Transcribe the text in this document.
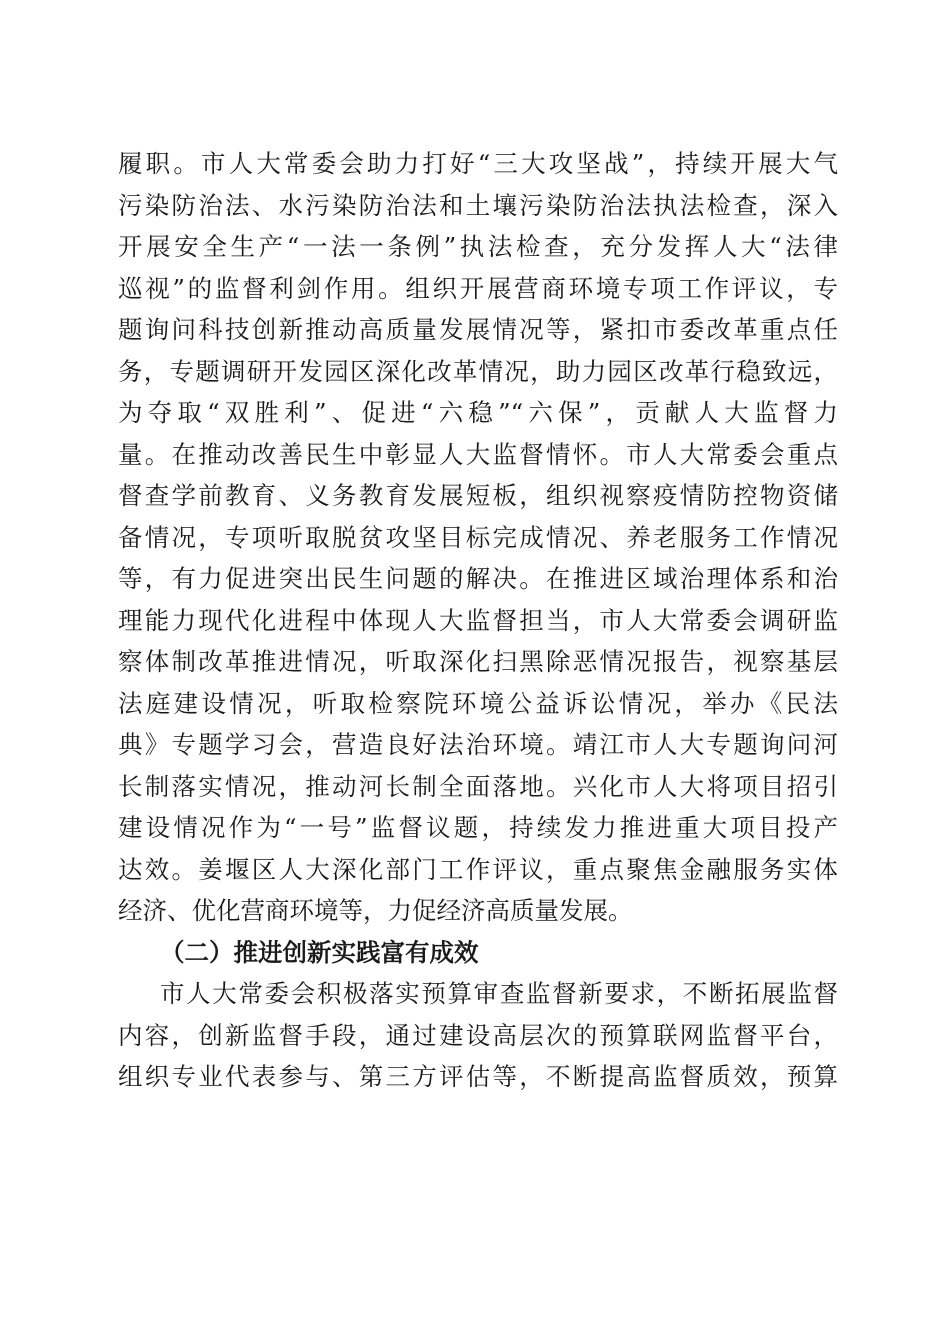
履职。市人大常委会助力打好“三大攻坚战”，持续开展大气
污染防治法、水污染防治法和土壤污染防治法执法检查，深入
开展安全生产“一法一条例”执法检查，充分发挥人大“法律
巡视”的监督利剑作用。组织开展营商环境专项工作评议，专
题询问科技创新推动高质量发展情况等，紧扣市委改革重点任
务，专题调研开发园区深化改革情况，助力园区改革行稳致远，
为夺取“双胜利”、促进“六稳”“六保”，贡献人大监督力
量。在推动改善民生中彰显人大监督情怀。市人大常委会重点
督查学前教育、义务教育发展短板，组织视察疫情防控物资储
备情况，专项听取脱贫攻坚目标完成情况、养老服务工作情况
等，有力促进突出民生问题的解决。在推进区域治理体系和治
理能力现代化进程中体现人大监督担当，市人大常委会调研监
察体制改革推进情况，听取深化扫黑除恶情况报告，视察基层
法庭建设情况，听取检察院环境公益诉讼情况，举办《民法
典》专题学习会，营造良好法治环境。靖江市人大专题询问河
长制落实情况，推动河长制全面落地。兴化市人大将项目招引
建设情况作为“一号”监督议题，持续发力推进重大项目投产
达效。姜堰区人大深化部门工作评议，重点聚焦金融服务实体
经济、优化营商环境等，力促经济高质量发展。
（二）推进创新实践富有成效
市人大常委会积极落实预算审查监督新要求，不断拓展监督
内容，创新监督手段，通过建设高层次的预算联网监督平台，
组织专业代表参与、第三方评估等，不断提高监督质效，预算
